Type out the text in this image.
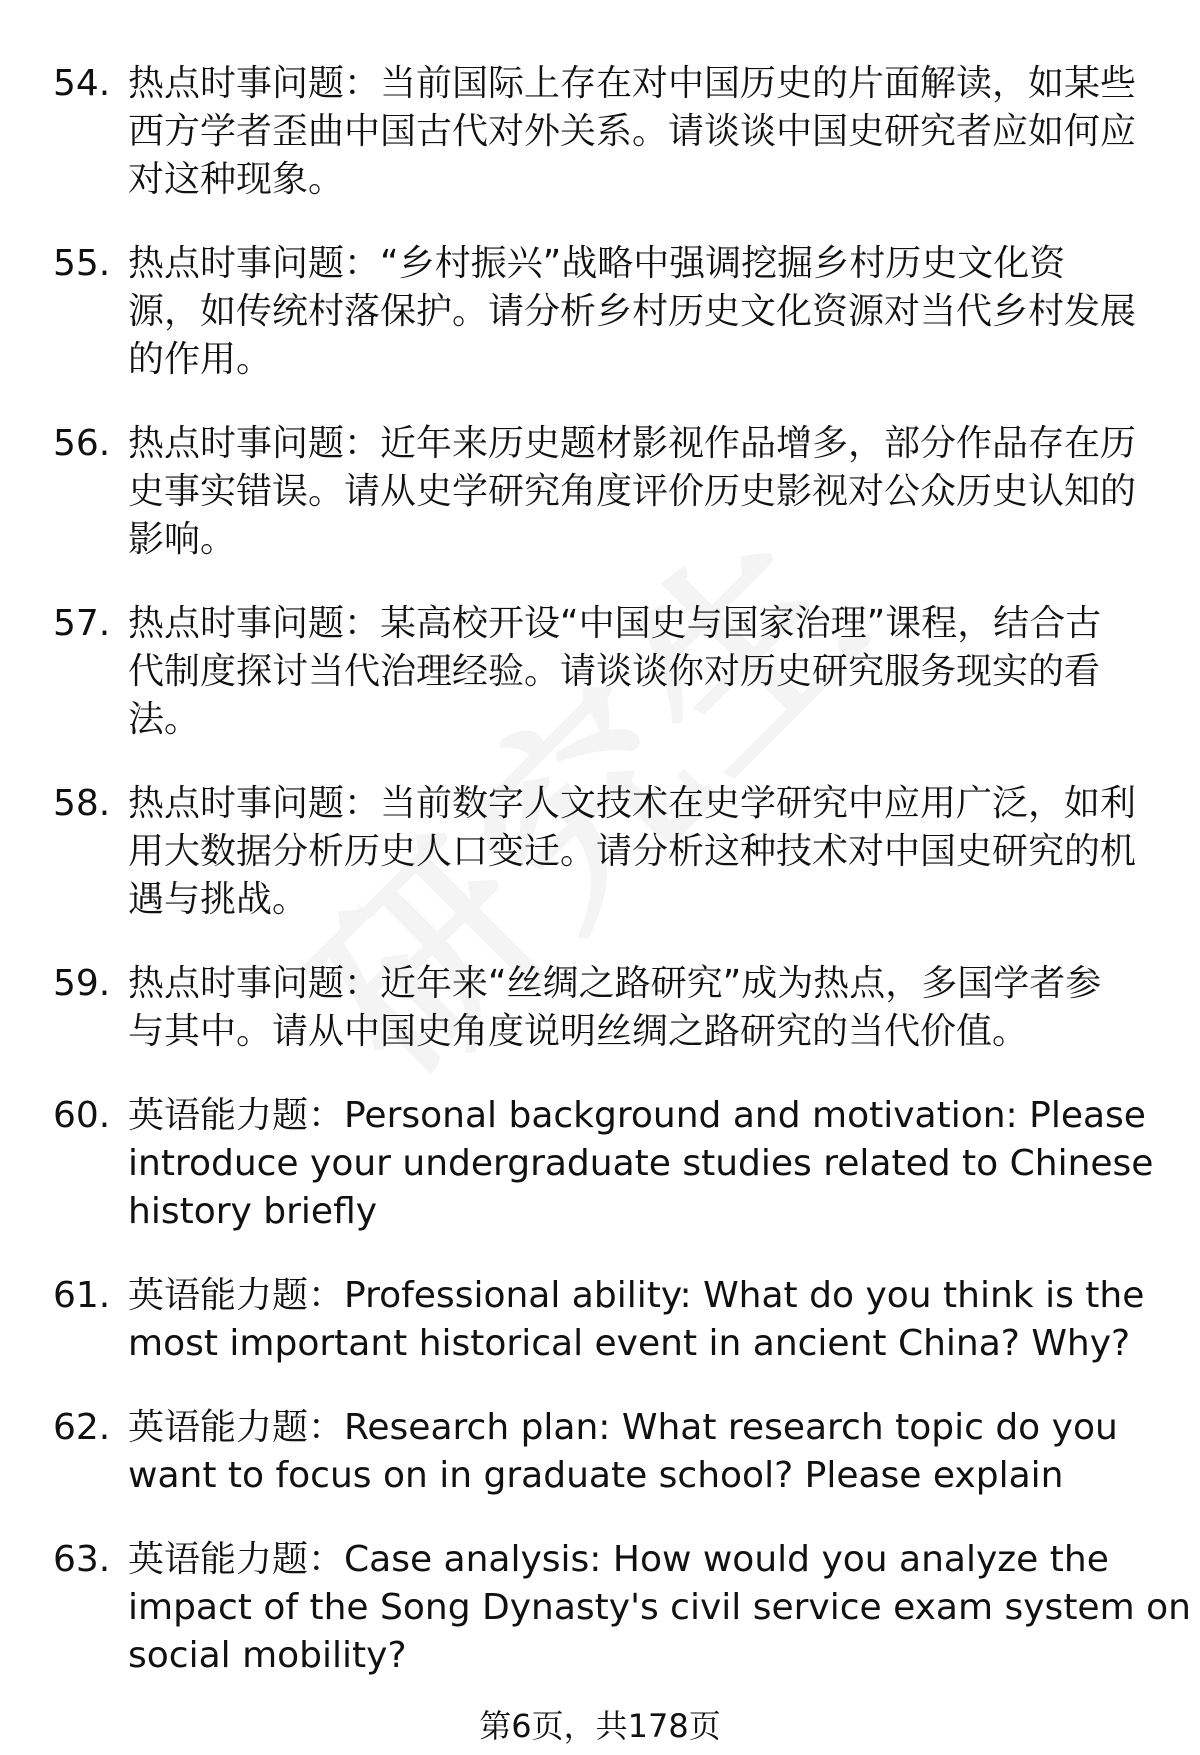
54. 热点时事问题：当前国际上存在对中国历史的片面解读，如某些
西方学者歪曲中国古代对外关系。请谈谈中国史研究者应如何应
对这种现象。
55. 热点时事问题：“乡村振兴”战略中强调挖掘乡村历史文化资
源，如传统村落保护。请分析乡村历史文化资源对当代乡村发展
的作用。
56. 热点时事问题：近年来历史题材影视作品增多，部分作品存在历
史事实错误。请从史学研究角度评价历史影视对公众历史认知的
影响。
57. 热点时事问题：某高校开设“中国史与国家治理”课程，结合古
代制度探讨当代治理经验。请谈谈你对历史研究服务现实的看
法。
58. 热点时事问题：当前数字人文技术在史学研究中应用广泛，如利
用大数据分析历史人口变迁。请分析这种技术对中国史研究的机
遇与挑战。
59. 热点时事问题：近年来“丝绸之路研究”成为热点，多国学者参
与其中。请从中国史角度说明丝绸之路研究的当代价值。
60. 英语能力题：Personal background and motivation: Please
introduce your undergraduate studies related to Chinese
history briefly
61. 英语能力题：Professional ability: What do you think is the
most important historical event in ancient China? Why?
62. 英语能力题：Research plan: What research topic do you
want to focus on in graduate school? Please explain
63. 英语能力题：Case analysis: How would you analyze the
impact of the Song Dynasty's civil service exam system on
social mobility?
第6页，共178页
